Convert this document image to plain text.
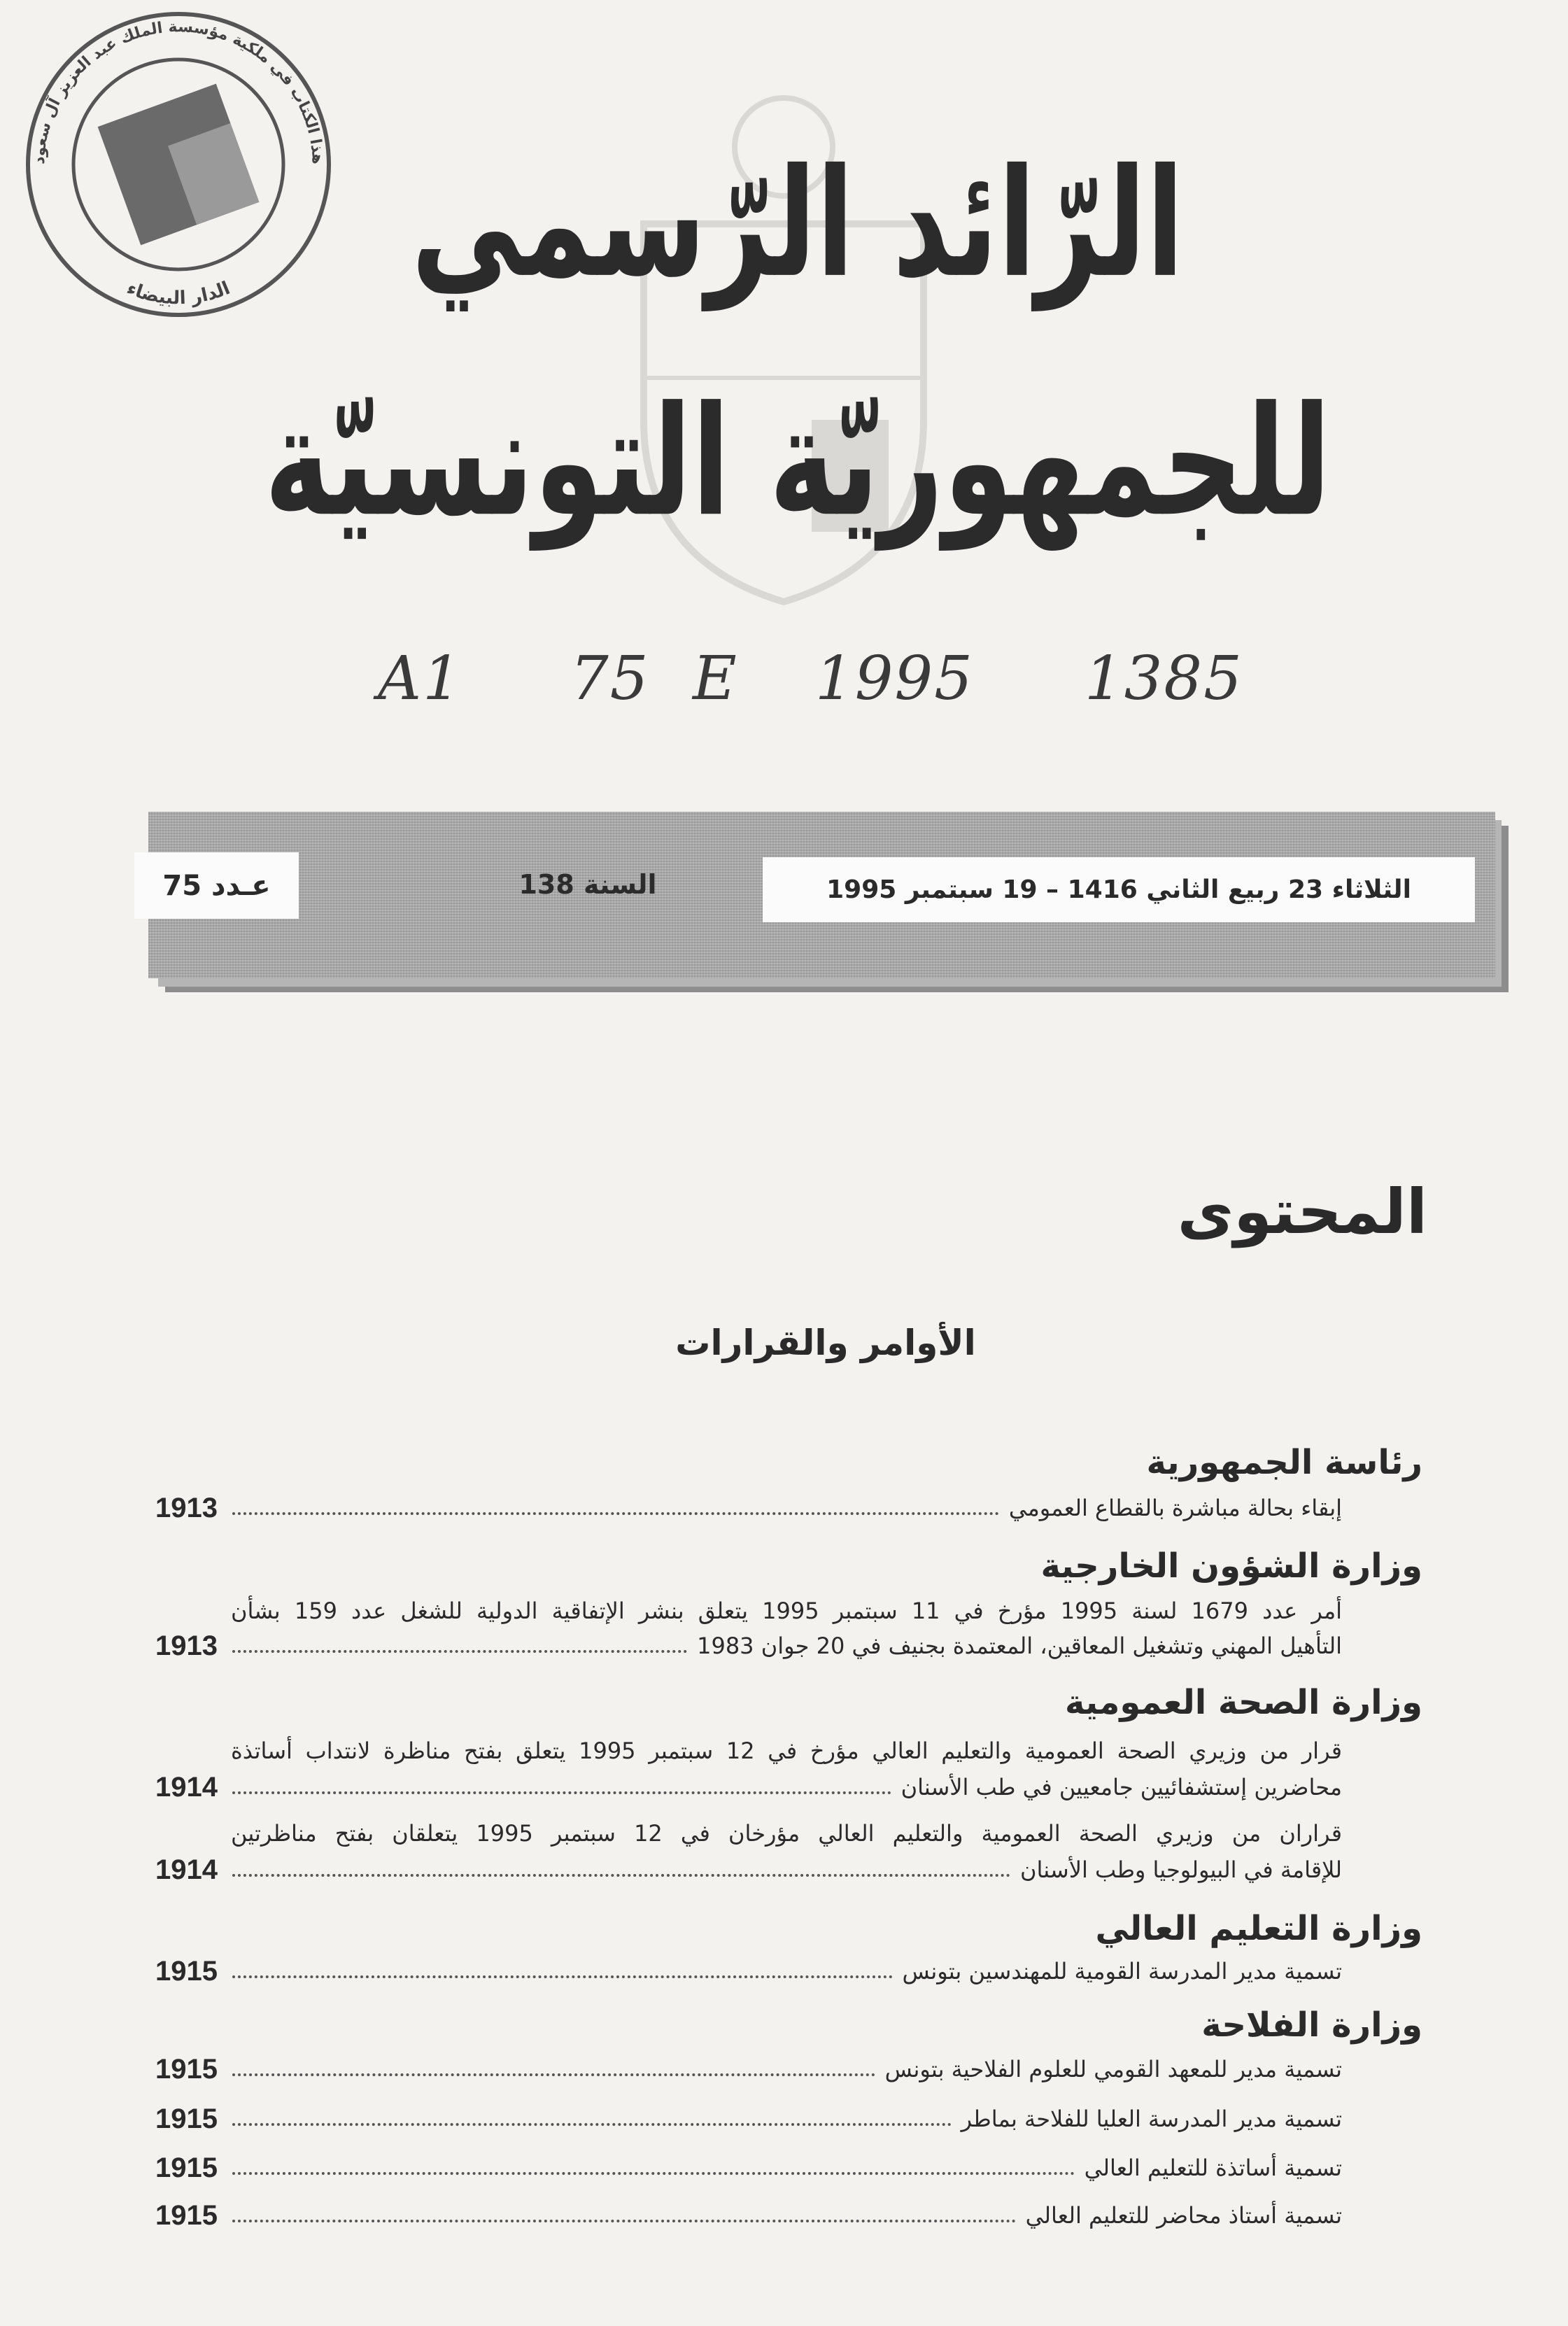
هذا الكتاب في ملكية مؤسسة الملك عبد العزيز آل سعود
الدار البيضاء	الرّائد الرّسمي
للجمهوريّة التونسيّة
A1 75 E 1995 1385
عـدد 75	السنة 138	الثلاثاء 23 ربيع الثاني 1416 – 19 سبتمبر 1995
المحتوى
الأوامر والقرارات
رئاسة الجمهورية
إبقاء بحالة مباشرة بالقطاع العمومي
1913
وزارة الشؤون الخارجية
أمر عدد 1679 لسنة 1995 مؤرخ في 11 سبتمبر 1995 يتعلق بنشر الإتفاقية الدولية للشغل عدد 159 بشأن
التأهيل المهني وتشغيل المعاقين، المعتمدة بجنيف في 20 جوان 1983
1913
وزارة الصحة العمومية
قرار من وزيري الصحة العمومية والتعليم العالي مؤرخ في 12 سبتمبر 1995 يتعلق بفتح مناظرة لانتداب أساتذة
محاضرين إستشفائيين جامعيين في طب الأسنان
1914
قراران من وزيري الصحة العمومية والتعليم العالي مؤرخان في 12 سبتمبر 1995 يتعلقان بفتح مناظرتين
للإقامة في البيولوجيا وطب الأسنان
1914
وزارة التعليم العالي
تسمية مدير المدرسة القومية للمهندسين بتونس
1915
وزارة الفلاحة
تسمية مدير للمعهد القومي للعلوم الفلاحية بتونس
1915
تسمية مدير المدرسة العليا للفلاحة بماطر
1915
تسمية أساتذة للتعليم العالي
1915
تسمية أستاذ محاضر للتعليم العالي
1915
